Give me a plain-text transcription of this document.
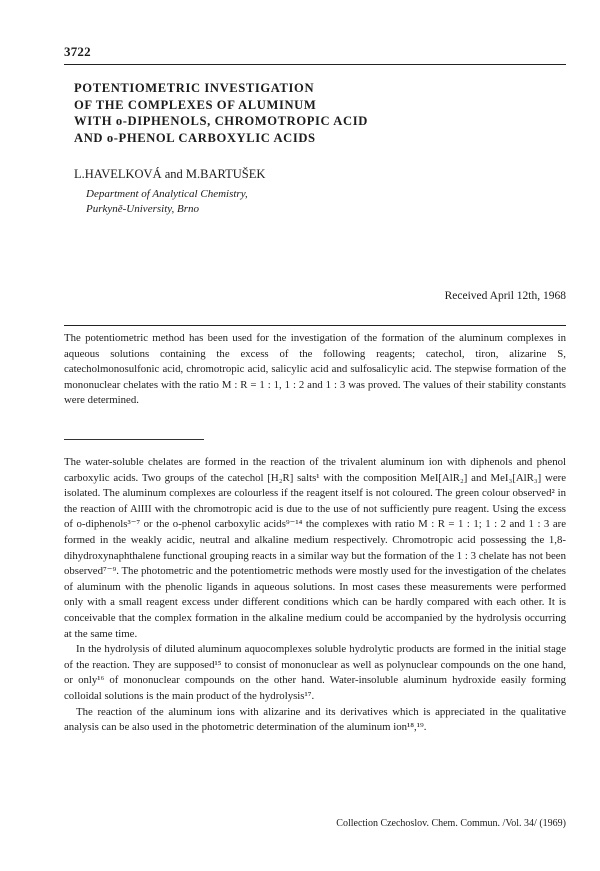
3722
POTENTIOMETRIC INVESTIGATION
OF THE COMPLEXES OF ALUMINUM
WITH o-DIPHENOLS, CHROMOTROPIC ACID
AND o-PHENOL CARBOXYLIC ACIDS
L.HAVELKOVÁ and M.BARTUŠEK
Department of Analytical Chemistry,
Purkyně-University, Brno
Received April 12th, 1968
The potentiometric method has been used for the investigation of the formation of the aluminum complexes in aqueous solutions containing the excess of the following reagents; catechol, tiron, alizarine S, catecholmonosulfonic acid, chromotropic acid, salicylic acid and sulfosalicylic acid. The stepwise formation of the mononuclear chelates with the ratio M : R = 1 : 1, 1 : 2 and 1 : 3 was proved. The values of their stability constants were determined.

The water-soluble chelates are formed in the reaction of the trivalent aluminum ion with diphenols and phenol carboxylic acids. Two groups of the catechol [H₂R] salts¹ with the composition MeI[AlR₂] and MeI₃[AlR₃] were isolated. The aluminum complexes are colourless if the reagent itself is not coloured. The green colour observed² in the reaction of AlIII with the chromotropic acid is due to the use of not sufficiently pure reagent. Using the excess of o-diphenols³⁻⁷ or the o-phenol carboxylic acids⁹⁻¹⁴ the complexes with ratio M : R = 1 : 1; 1 : 2 and 1 : 3 are formed in the weakly acidic, neutral and alkaline medium respectively. Chromotropic acid possessing the 1,8-dihydroxynaphthalene functional grouping reacts in a similar way but the formation of the 1 : 3 chelate has not been observed⁷⁻⁹. The photometric and the potentiometric methods were mostly used for the investigation of the chelates of aluminum with the phenolic ligands in aqueous solutions. In most cases these measurements were performed only with a small reagent excess under different conditions which can be hardly compared with each other. It is conceivable that the complex formation in the alkaline medium could be accompanied by the hydrolysis occurring at the same time.

In the hydrolysis of diluted aluminum aquocomplexes soluble hydrolytic products are formed in the initial stage of the reaction. They are supposed¹⁵ to consist of mononuclear as well as polynuclear compounds on the one hand, or only¹⁶ of mononuclear compounds on the other hand. Water-insoluble aluminum hydroxide easily forming colloidal solutions is the main product of the hydrolysis¹⁷.

The reaction of the aluminum ions with alizarine and its derivatives which is appreciated in the qualitative analysis can be also used in the photometric determination of the aluminum ion¹⁸,¹⁹.

Collection Czechoslov. Chem. Commun. /Vol. 34/ (1969)
